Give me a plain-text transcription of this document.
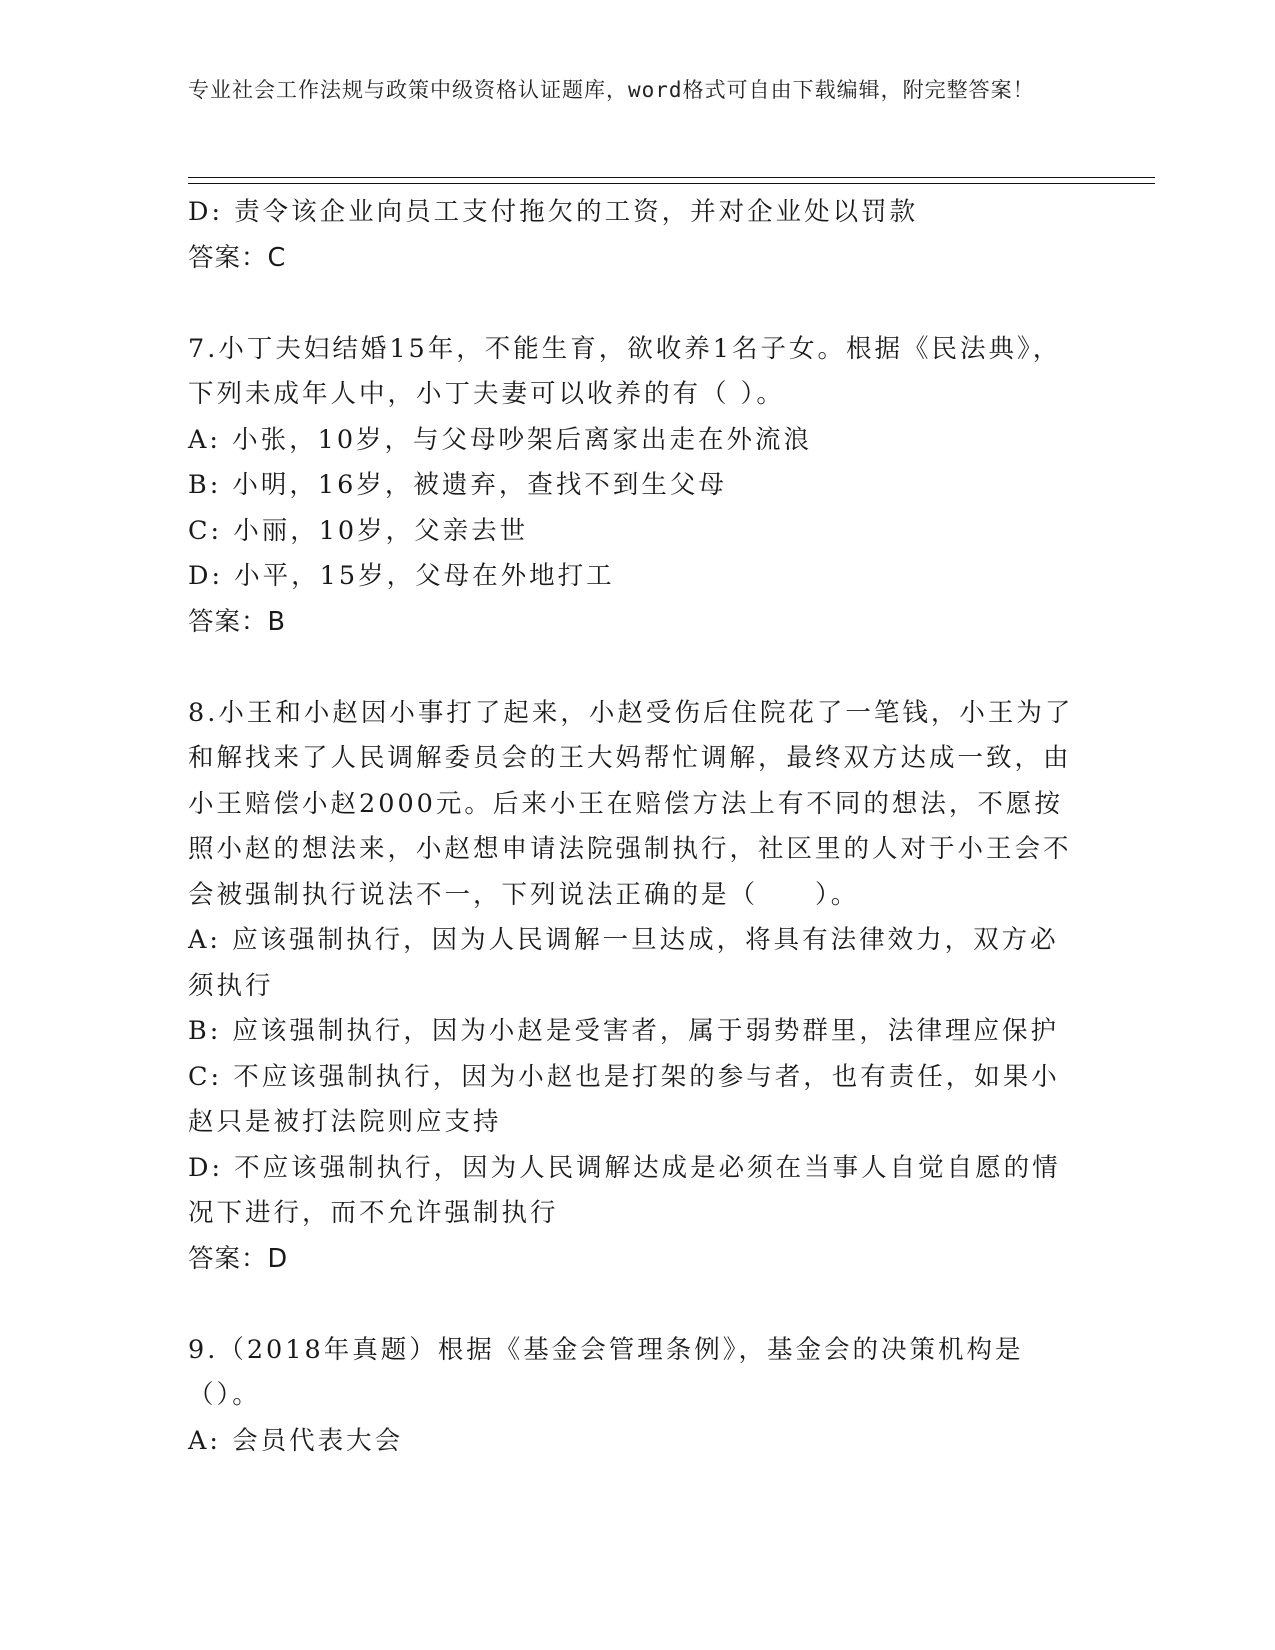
专业社会工作法规与政策中级资格认证题库，word格式可自由下载编辑，附完整答案！
D: 责令该企业向员工支付拖欠的工资，并对企业处以罚款
答案：C
7.小丁夫妇结婚15年，不能生育，欲收养1名子女。根据《民法典》，下列未成年人中，小丁夫妻可以收养的有（ ）。
A: 小张，10岁，与父母吵架后离家出走在外流浪
B: 小明，16岁，被遗弃，查找不到生父母
C: 小丽，10岁，父亲去世
D: 小平，15岁，父母在外地打工
答案：B
8.小王和小赵因小事打了起来，小赵受伤后住院花了一笔钱，小王为了和解找来了人民调解委员会的王大妈帮忙调解，最终双方达成一致，由小王赔偿小赵2000元。后来小王在赔偿方法上有不同的想法，不愿按照小赵的想法来，小赵想申请法院强制执行，社区里的人对于小王会不会被强制执行说法不一，下列说法正确的是（　　）。
A: 应该强制执行，因为人民调解一旦达成，将具有法律效力，双方必须执行
B: 应该强制执行，因为小赵是受害者，属于弱势群里，法律理应保护
C: 不应该强制执行，因为小赵也是打架的参与者，也有责任，如果小赵只是被打法院则应支持
D: 不应该强制执行，因为人民调解达成是必须在当事人自觉自愿的情况下进行，而不允许强制执行
答案：D
9.（2018年真题）根据《基金会管理条例》，基金会的决策机构是（）。
A: 会员代表大会
